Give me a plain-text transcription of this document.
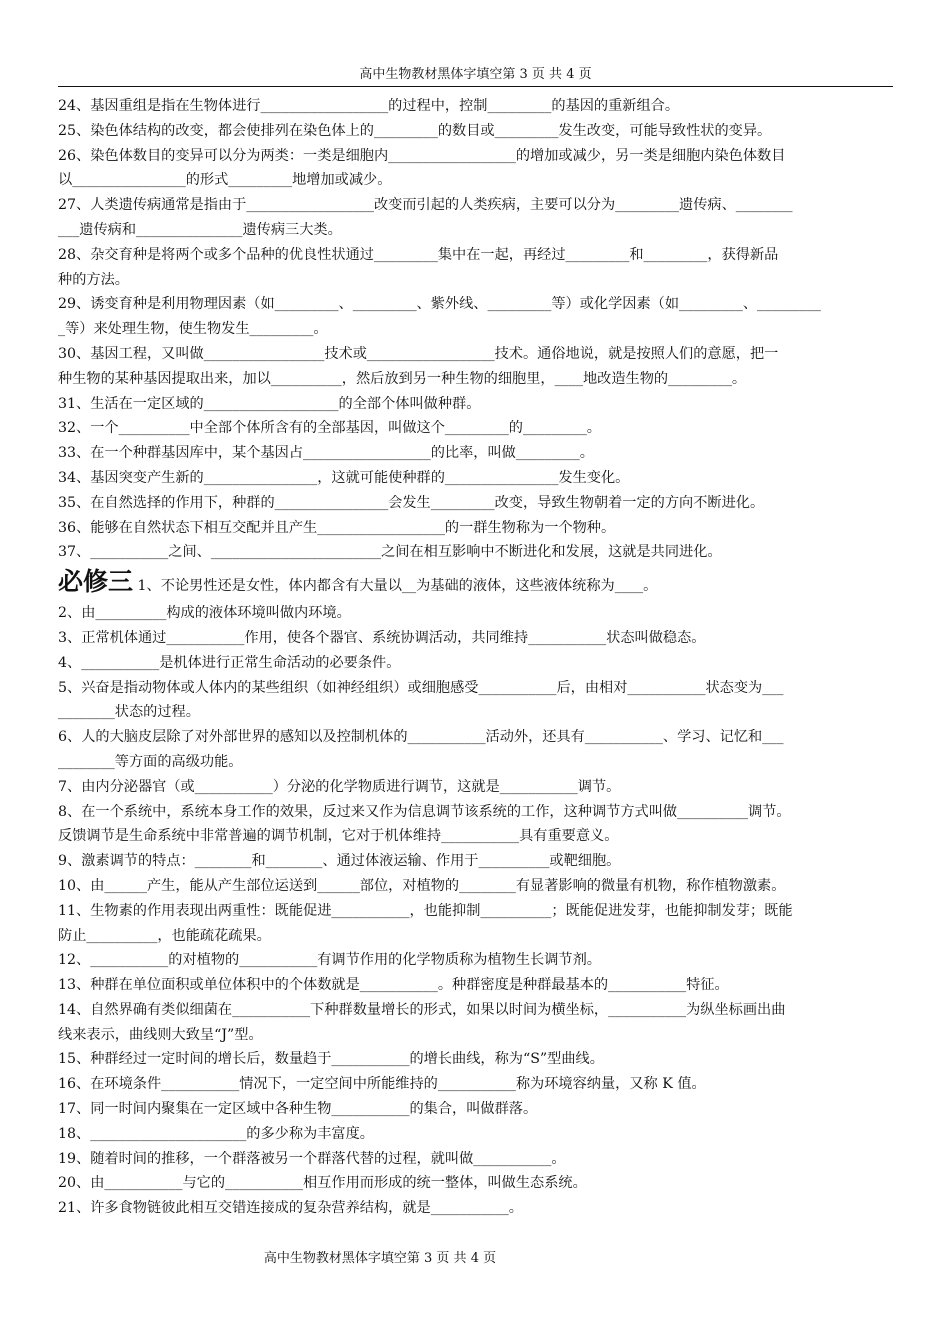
高中生物教材黑体字填空第 3 页 共 4 页
24、基因重组是指在生物体进行__________________的过程中，控制_________的基因的重新组合。
25、染色体结构的改变，都会使排列在染色体上的_________的数目或_________发生改变，可能导致性状的变异。
26、染色体数目的变异可以分为两类：一类是细胞内__________________的增加或减少，另一类是细胞内染色体数目
以________________的形式_________地增加或减少。
27、人类遗传病通常是指由于__________________改变而引起的人类疾病，主要可以分为_________遗传病、________
___遗传病和_______________遗传病三大类。
28、杂交育种是将两个或多个品种的优良性状通过_________集中在一起，再经过_________和_________，获得新品
种的方法。
29、诱变育种是利用物理因素（如_________、_________、紫外线、_________等）或化学因素（如_________、_________
_等）来处理生物，使生物发生_________。
30、基因工程，又叫做_________________技术或__________________技术。通俗地说，就是按照人们的意愿，把一
种生物的某种基因提取出来，加以__________，然后放到另一种生物的细胞里，____地改造生物的_________。
31、生活在一定区域的___________________的全部个体叫做种群。
32、一个__________中全部个体所含有的全部基因，叫做这个_________的_________。
33、在一个种群基因库中，某个基因占__________________的比率，叫做_________。
34、基因突变产生新的________________，这就可能使种群的________________发生变化。
35、在自然选择的作用下，种群的________________会发生_________改变，导致生物朝着一定的方向不断进化。
36、能够在自然状态下相互交配并且产生__________________的一群生物称为一个物种。
37、___________之间、________________________之间在相互影响中不断进化和发展，这就是共同进化。
必修三 1、不论男性还是女性，体内都含有大量以__为基础的液体，这些液体统称为____。
2、由__________构成的液体环境叫做内环境。
3、正常机体通过___________作用，使各个器官、系统协调活动，共同维持___________状态叫做稳态。
4、___________是机体进行正常生命活动的必要条件。
5、兴奋是指动物体或人体内的某些组织（如神经组织）或细胞感受___________后，由相对___________状态变为___
________状态的过程。
6、人的大脑皮层除了对外部世界的感知以及控制机体的___________活动外，还具有___________、学习、记忆和___
________等方面的高级功能。
7、由内分泌器官（或___________）分泌的化学物质进行调节，这就是___________调节。
8、在一个系统中，系统本身工作的效果，反过来又作为信息调节该系统的工作，这种调节方式叫做__________调节。
反馈调节是生命系统中非常普遍的调节机制，它对于机体维持___________具有重要意义。
9、激素调节的特点：________和________、通过体液运输、作用于__________或靶细胞。
10、由______产生，能从产生部位运送到______部位，对植物的________有显著影响的微量有机物，称作植物激素。
11、生物素的作用表现出两重性：既能促进___________，也能抑制__________；既能促进发芽，也能抑制发芽；既能
防止__________，也能疏花疏果。
12、___________的对植物的___________有调节作用的化学物质称为植物生长调节剂。
13、种群在单位面积或单位体积中的个体数就是___________。种群密度是种群最基本的___________特征。
14、自然界确有类似细菌在___________下种群数量增长的形式，如果以时间为横坐标，___________为纵坐标画出曲
线来表示，曲线则大致呈“J”型。
15、种群经过一定时间的增长后，数量趋于___________的增长曲线，称为“S”型曲线。
16、在环境条件___________情况下，一定空间中所能维持的___________称为环境容纳量，又称 K 值。
17、同一时间内聚集在一定区域中各种生物___________的集合，叫做群落。
18、______________________的多少称为丰富度。
19、随着时间的推移，一个群落被另一个群落代替的过程，就叫做___________。
20、由___________与它的___________相互作用而形成的统一整体，叫做生态系统。
21、许多食物链彼此相互交错连接成的复杂营养结构，就是___________。
高中生物教材黑体字填空第 3 页 共 4 页
